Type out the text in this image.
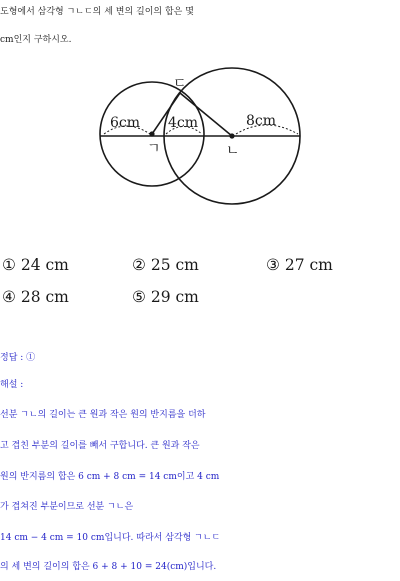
도형에서 삼각형 ㄱㄴㄷ의 세 변의 길이의 합은 몇
cm인지 구하시오.
6cm 4cm	8cm
ㄷ
ㄱ	ㄴ
① 24 cm	② 25 cm	③ 27 cm
④ 28 cm	⑤ 29 cm
정답 : ①
해설 :
선분 ㄱㄴ의 길이는 큰 원과 작은 원의 반지름을 더하
고 겹친 부분의 길이를 빼서 구합니다. 큰 원과 작은
원의 반지름의 합은 6 cm + 8 cm = 14 cm이고 4 cm
가 겹쳐진 부분이므로 선분 ㄱㄴ은
14 cm − 4 cm = 10 cm입니다. 따라서 삼각형 ㄱㄴㄷ
의 세 변의 길이의 합은 6 + 8 + 10 = 24(cm)입니다.
